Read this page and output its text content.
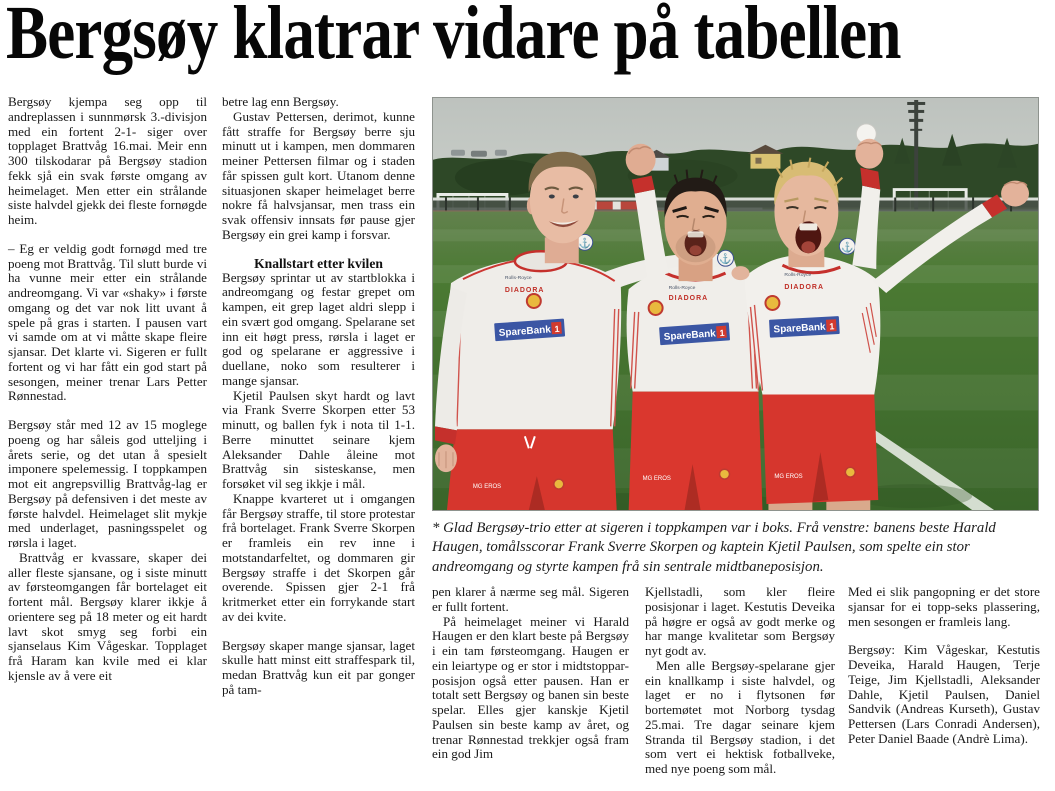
Bergsøy klatrar vidare på tabellen

Bergsøy kjempa seg opp til andreplassen i sunnmørsk 3.-divisjon med ein fortent 2-1- siger over topplaget Brattvåg 16.mai. Meir enn 300 tilskodarar på Bergsøy stadion fekk sjå ein svak første omgang av heimelaget. Men etter ein strålande siste halvdel gjekk dei fleste fornøgde heim.

– Eg er veldig godt fornøgd med tre poeng mot Brattvåg. Til slutt burde vi ha vunne meir etter ein strålande andreomgang. Vi var «shaky» i første omgang og det var nok litt uvant å spele på gras i starten. I pausen vart vi samde om at vi måtte skape fleire sjansar. Det klarte vi. Sigeren er fullt fortent og vi har fått ein god start på sesongen, meiner trenar Lars Petter Rønnestad.

Bergsøy står med 12 av 15 moglege poeng og har såleis god utteljing i årets serie, og det utan å spesielt imponere spelemessig. I toppkampen mot eit angrepsvillig Brattvåg-lag er Bergsøy på defensiven i det meste av første halvdel. Heimelaget slit mykje med underlaget, pasningsspelet og rørsla i laget.

Brattvåg er kvassare, skaper dei aller fleste sjansane, og i siste minutt av førsteomgangen får bortelaget eit fortent mål. Bergsøy klarer ikkje å orientere seg på 18 meter og eit hardt lavt skot smyg seg forbi ein sjanselaus Kim Vågeskar. Topplaget frå Haram kan kvile med ei klar kjensle av å vere eit

betre lag enn Bergsøy.

Gustav Pettersen, derimot, kunne fått straffe for Bergsøy berre sju minutt ut i kampen, men dommaren meiner Pettersen filmar og i staden får spissen gult kort. Utanom denne situasjonen skaper heimelaget berre nokre få halvsjansar, men trass ein svak offensiv innsats før pause gjer Bergsøy ein grei kamp i forsvar.

Knallstart etter kvilen

Bergsøy sprintar ut av startblokka i andreomgang og festar grepet om kampen, eit grep laget aldri slepp i ein svært god omgang. Spelarane set inn eit høgt press, rørsla i laget er god og spelarane er aggressive i duellane, noko som resulterer i mange sjansar.

Kjetil Paulsen skyt hardt og lavt via Frank Sverre Skorpen etter 53 minutt, og ballen fyk i nota til 1-1. Berre minuttet seinare kjem Aleksander Dahle åleine mot Brattvåg sin sisteskanse, men forsøket vil seg ikkje i mål.

Knappe kvarteret ut i omgangen får Bergsøy straffe, til store protestar frå bortelaget. Frank Sverre Skorpen er framleis ein rev inne i motstandarfeltet, og dommaren gir Bergsøy straffe i det Skorpen går overende. Spissen gjer 2-1 frå kritmerket etter ein forrykande start av dei kvite.

Bergsøy skaper mange sjansar, laget skulle hatt minst eitt straffespark til, medan Brattvåg kun eit par gonger på tam-

⚓
Rolls-Royce
DIADORA
SpareBank 1
MG EROS
⚓
Rolls-Royce
DIADORA
SpareBank 1
MG EROS
⚓
Rolls-Royce
DIADORA
SpareBank 1
MG EROS

* Glad Bergsøy-trio etter at sigeren i toppkampen var i boks. Frå venstre: banens beste Harald Haugen, tomålsscorar Frank Sverre Skorpen og kaptein Kjetil Paulsen, som spelte ein stor andreomgang og styrte kampen frå sin sentrale midtbaneposisjon.

pen klarer å nærme seg mål. Sigeren er fullt fortent.

På heimelaget meiner vi Harald Haugen er den klart beste på Bergsøy i ein tam førsteomgang. Haugen er ein leiartype og er stor i midtstoppar-posisjon også etter pausen. Han er totalt sett Bergsøy og banen sin beste spelar. Elles gjer kanskje Kjetil Paulsen sin beste kamp av året, og trenar Rønnestad trekkjer også fram ein god Jim

Kjellstadli, som kler fleire posisjonar i laget. Kestutis Deveika på høgre er også av godt merke og har mange kvalitetar som Bergsøy nyt godt av.

Men alle Bergsøy-spelarane gjer ein knallkamp i siste halvdel, og laget er no i flytsonen før bortemøtet mot Norborg tysdag 25.mai. Tre dagar seinare kjem Stranda til Bergsøy stadion, i det som vert ei hektisk fotballveke, med nye poeng som mål.

Med ei slik pangopning er det store sjansar for ei topp-seks plassering, men sesongen er framleis lang.

Bergsøy: Kim Vågeskar, Kestutis Deveika, Harald Haugen, Terje Teige, Jim Kjellstadli, Aleksander Dahle, Kjetil Paulsen, Daniel Sandvik (Andreas Kurseth), Gustav Pettersen (Lars Conradi Andersen), Peter Daniel Baade (Andrè Lima).
